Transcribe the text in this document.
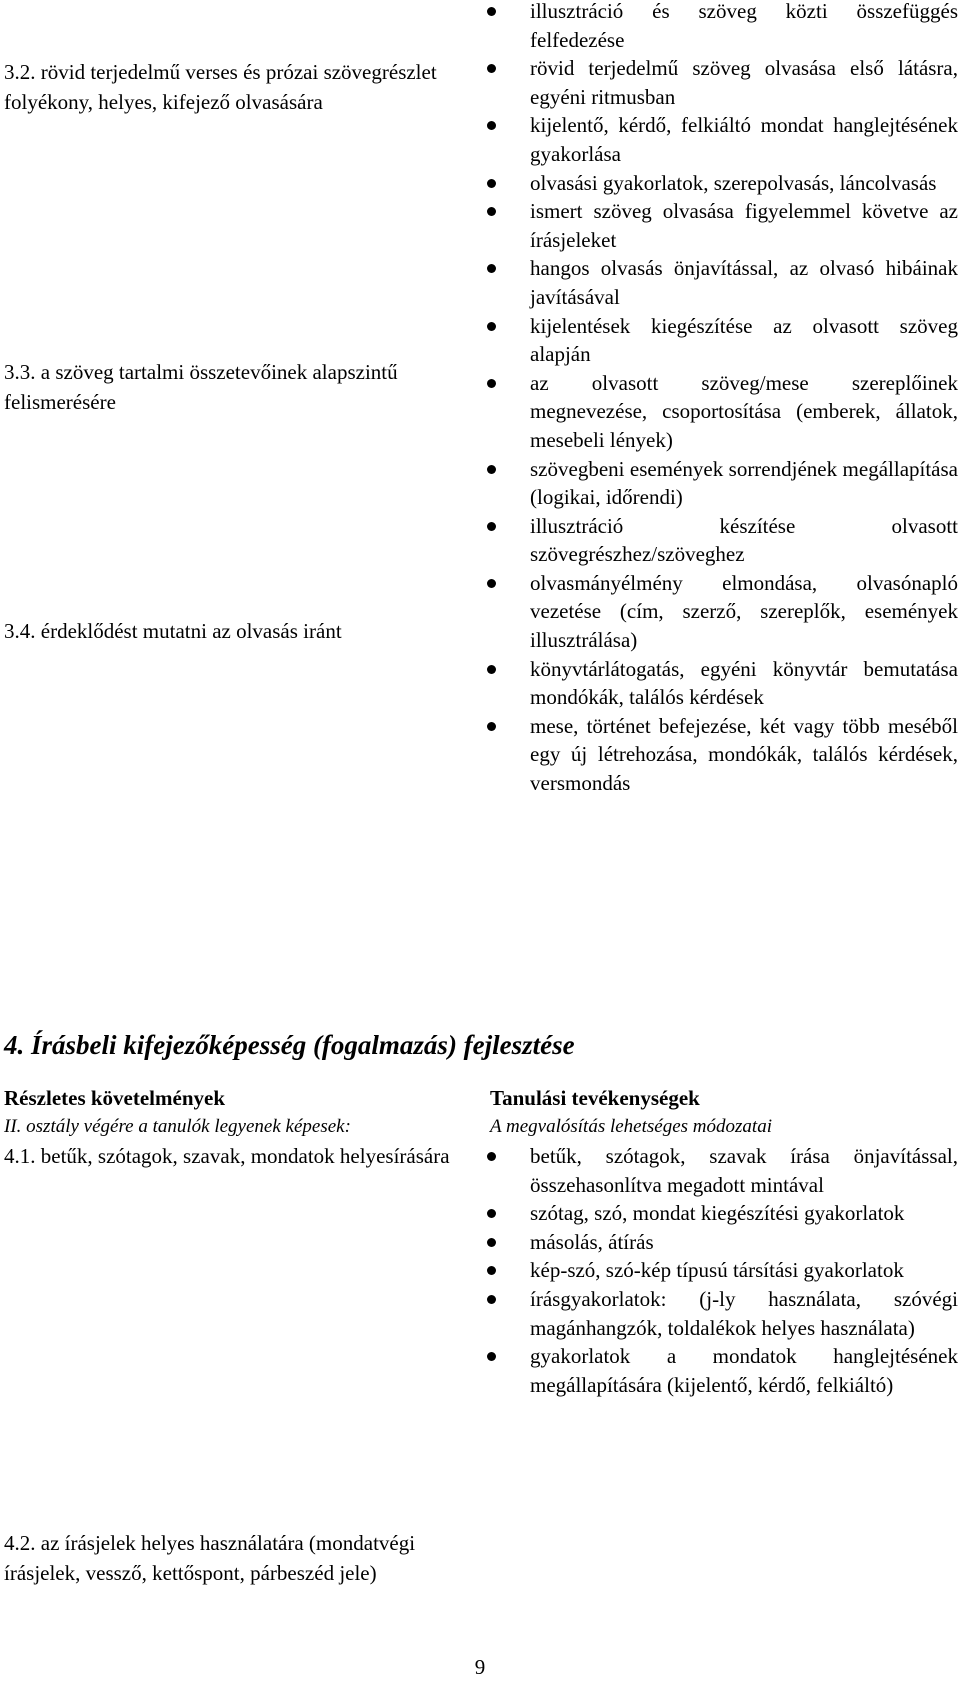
3.2. rövid terjedelmű verses és prózai szövegrészlet folyékony, helyes, kifejező olvasására
3.3. a szöveg tartalmi összetevőinek alapszintű felismerésére
3.4. érdeklődést mutatni az olvasás iránt
illusztráció és szöveg közti összefüggés felfedezése
rövid terjedelmű szöveg olvasása első látásra, egyéni ritmusban
kijelentő, kérdő, felkiáltó mondat hanglejtésének gyakorlása
olvasási gyakorlatok, szerepolvasás, láncolvasás
ismert szöveg olvasása figyelemmel követve az írásjeleket
hangos olvasás önjavítással, az olvasó hibáinak javításával
kijelentések kiegészítése az olvasott szöveg alapján
az olvasott szöveg/mese szereplőinek megnevezése, csoportosítása (emberek, állatok, mesebeli lények)
szövegbeni események sorrendjének megállapítása (logikai, időrendi)
illusztráció készítése olvasott szövegrészhez/szöveghez
olvasmányélmény elmondása, olvasónapló vezetése (cím, szerző, szereplők, események illusztrálása)
könyvtárlátogatás, egyéni könyvtár bemutatása mondókák, találós kérdések
mese, történet befejezése, két vagy több meséből egy új létrehozása, mondókák, találós kérdések, versmondás
4. Írásbeli kifejezőképesség (fogalmazás) fejlesztése
Részletes követelmények
II. osztály végére a tanulók legyenek képesek:
Tanulási tevékenységek
A megvalósítás lehetséges módozatai
4.1. betűk, szótagok, szavak, mondatok helyesírására
4.2. az írásjelek helyes használatára (mondatvégi írásjelek, vessző, kettőspont, párbeszéd jele)
betűk, szótagok, szavak írása önjavítással, összehasonlítva megadott mintával
szótag, szó, mondat kiegészítési gyakorlatok
másolás, átírás
kép-szó, szó-kép típusú társítási gyakorlatok
írásgyakorlatok: (j-ly használata, szóvégi magánhangzók, toldalékok helyes használata)
gyakorlatok a mondatok hanglejtésének megállapítására (kijelentő, kérdő, felkiáltó)
9
